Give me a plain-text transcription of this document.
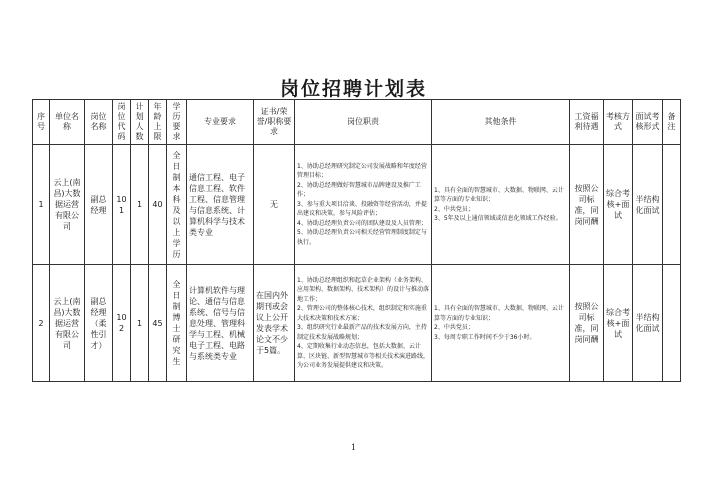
岗位招聘计划表
序号	单位名称	岗位名称	岗位代码	计划人数	年龄上限	学历要求	专业要求	证书/荣誉/职称要求	岗位职责	其他条件	工资福利待遇	考核方式	面试考核形式	备注
1	云上(南昌)大数据运营有限公司	副总经理	101	1	40	全日制本科及以上学历	通信工程、电子信息工程、软件工程、信息管理与信息系统、计算机科学与技术类专业	无	1、协助总经理研究制定公司发展战略和年度经营管理目标；
2、协助总经理做好智慧城市品牌建设及推广工作；
3、参与重大项目洽谈、投融资等经营活动，并提出建议和决策，参与风险评估；
4、协助总经理负责公司的团队建设及人员管理；
5、协助总经理负责公司相关经营管理制度制定与执行。	1、具有全面的智慧城市、大数据、物联网、云计算等方面的专业知识；
2、中共党员；
3、5年及以上通信领域或信息化领域工作经验。	按照公司标准，同岗同酬	综合考核+面试	半结构化面试	
2	云上(南昌)大数据运营有限公司	副总经理（柔性引才）	102	1	45	全日制博士研究生	计算机软件与理论、通信与信息系统、信号与信息处理、管理科学与工程、机械电子工程、电路与系统类专业	在国内外期刊或会议上公开发表学术论文不少于5篇。	1、协助总经理组织和起草企业架构（业务架构、应用架构、数据架构、技术架构）的设计与推动落地工作；
2、管理公司的整体核心技术，组织制定和实施重大技术决策和技术方案；
3、组织研究行业最新产品的技术发展方向，主持制定技术发展战略规划；
4、定期收集行业动态信息，包括大数据、云计算、区块链、新型智慧城市等相关技术演进路线，为公司业务发展提供建议和决策。	1、具有全面的智慧城市、大数据、物联网、云计算等方面的专业知识；
2、中共党员；
3、每周专职工作时间不少于36小时。	按照公司标准，同岗同酬	综合考核+面试	半结构化面试	
1
